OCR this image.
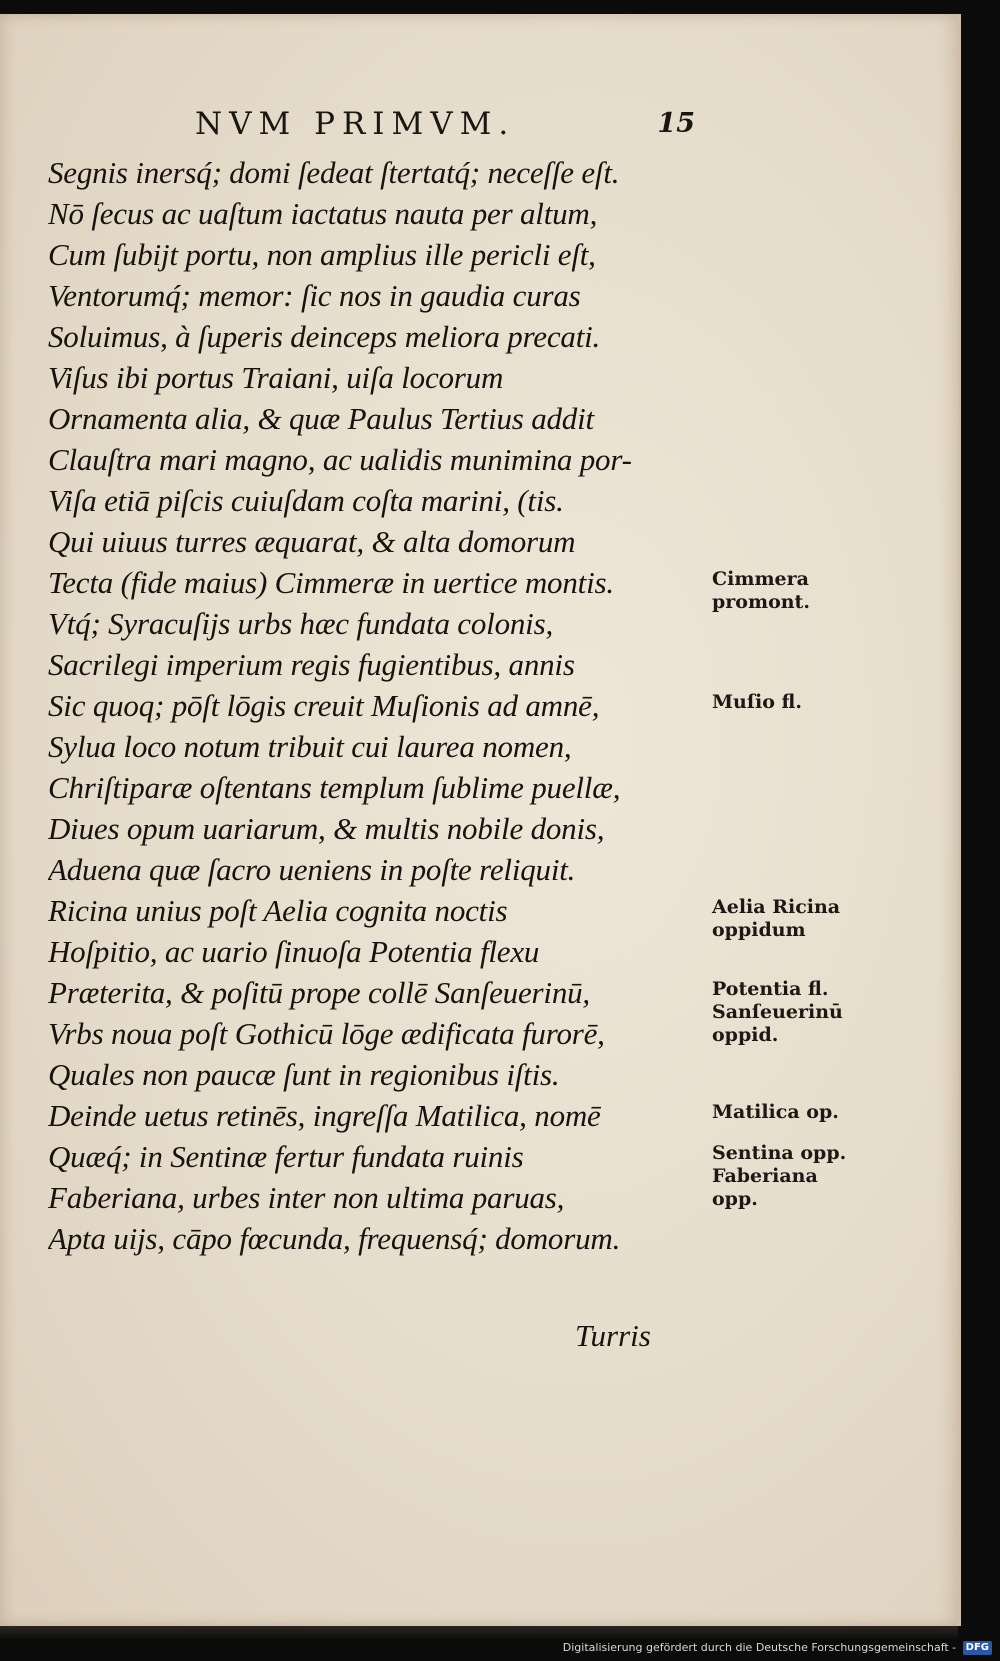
NVM PRIMVM.	15
Segnis inersq́; domi ſedeat ſtertatq́; neceſſe eſt.
Nō ſecus ac uaſtum iactatus nauta per altum,
Cum ſubijt portu, non amplius ille pericli eſt,
Ventorumq́; memor: ſic nos in gaudia curas
Soluimus, à ſuperis deinceps meliora precati.
Viſus ibi portus Traiani, uiſa locorum
Ornamenta alia, & quæ Paulus Tertius addit
Clauſtra mari magno, ac ualidis munimina por-
Viſa etiā piſcis cuiuſdam coſta marini, (tis.
Qui uiuus turres æquarat, & alta domorum
Tecta (fide maius) Cimmeræ in uertice montis.
Vtq́; Syracuſijs urbs hæc fundata colonis,
Sacrilegi imperium regis fugientibus, annis
Sic quoq; pōſt lōgis creuit Muſionis ad amnē,
Sylua loco notum tribuit cui laurea nomen,
Chriſtiparæ oſtentans templum ſublime puellæ,
Diues opum uariarum, & multis nobile donis,
Aduena quæ ſacro ueniens in poſte reliquit.
Ricina unius poſt Aelia cognita noctis
Hoſpitio, ac uario ſinuoſa Potentia flexu
Præterita, & poſitū prope collē Sanſeuerinū,
Vrbs noua poſt Gothicū lōge ædificata furorē,
Quales non paucæ ſunt in regionibus iſtis.
Deinde uetus retinēs, ingreſſa Matilica, nomē
Quæq́; in Sentinæ fertur fundata ruinis
Faberiana, urbes inter non ultima paruas,
Apta uijs, cāpo fœcunda, frequensq́; domorum.
Turris
Cimmera
promont.
Muſio fl.
Aelia Ricina
oppidum
Potentia fl.
Sanſeuerinū
oppid.
Matilica op.
Sentina opp.
Faberiana
opp.
Digitalisierung gefördert durch die Deutsche Forschungsgemeinschaft - DFG
